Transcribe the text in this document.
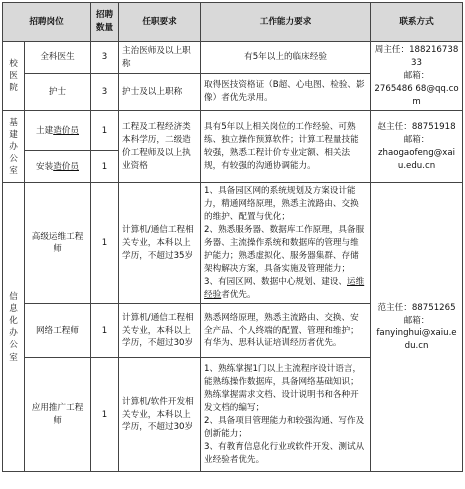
招聘岗位		招聘数量	任职要求	工作能力要求	联系方式

校医院	全科医生	3	主治医师及以上职称	有5年以上的临床经验	周主任：18821673833
邮箱：
2765486 68@qq.com

	护士	3	护士及以上职称	取得医技资格证（B超、心电图、检验、影像）者优先录用。	

基建办公室	土建造价员	1	工程及工程经济类本科学历，二级造价工程师及以上执业资格	具有5年以上相关岗位的工作经验、可熟练、独立操作预算软件；计算工程量技能较强，熟悉工程计价专业定额、相关法规，有较强的沟通协调能力。	赵主任：88751918
邮箱：
zhaogaofeng@xaiu.edu.cn

	安装造价员	1			

信息化办公室	高级运维工程师	1	计算机/通信工程相关专业，本科以上学历，不超过35岁	1、具备园区网的系统规划及方案设计能力，精通网络原理，熟悉主流路由、交换的维护、配置与优化；
2、熟悉服务器、数据库工作原理，具备服务器、主流操作系统和数据库的管理与维护能力；熟悉虚拟化、服务器集群、存储架构解决方案，具备实施及管理能力；
3、有园区网、数据中心规划、建设、运维经验者优先。	范主任：88751265
邮箱：
fanyinghui@xaiu.edu.cn

	网络工程师	1	计算机/通信工程相关专业，本科以上学历，不超过30岁	熟悉网络原理，熟悉主流路由、交换、安全产品、个人终端的配置、管理和维护；有华为、思科认证培训经历者优先。	
	应用推广工程师	1	计算机/软件开发相关专业，本科以上学历，不超过30岁	1、熟练掌握1门以上主流程序设计语言，能熟练操作数据库，具备网络基础知识；熟练掌握需求文档、设计说明书和各种开发文档的编写；
2、具备项目管理能力和较强沟通、写作及创新能力；
3、有教育信息化行业或软件开发、测试从业经验者优先。	
